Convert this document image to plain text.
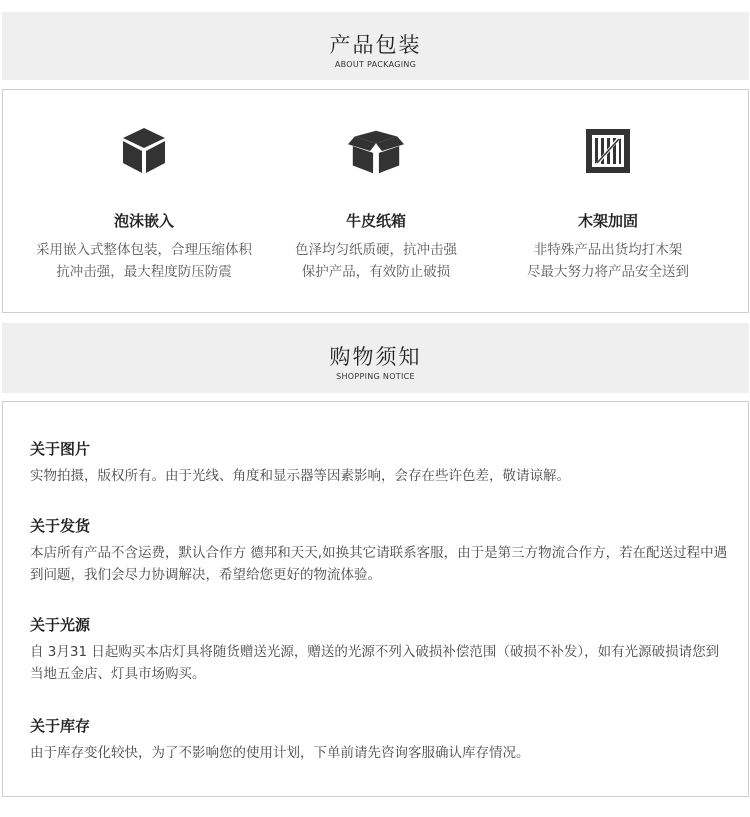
产品包装
ABOUT PACKAGING
泡沫嵌入
采用嵌入式整体包装，合理压缩体积
抗冲击强，最大程度防压防震
牛皮纸箱
色泽均匀纸质硬，抗冲击强
保护产品，有效防止破损
木架加固
非特殊产品出货均打木架
尽最大努力将产品安全送到
购物须知
SHOPPING NOTICE
关于图片
实物拍摄，版权所有。由于光线、角度和显示器等因素影响，会存在些许色差，敬请谅解。
关于发货
本店所有产品不含运费，默认合作方 德邦和天天,如换其它请联系客服，由于是第三方物流合作方，若在配送过程中遇到问题，我们会尽力协调解决，希望给您更好的物流体验。
关于光源
自 3月31 日起购买本店灯具将随货赠送光源，赠送的光源不列入破损补偿范围（破损不补发），如有光源破损请您到当地五金店、灯具市场购买。
关于库存
由于库存变化较快，为了不影响您的使用计划，下单前请先咨询客服确认库存情况。
